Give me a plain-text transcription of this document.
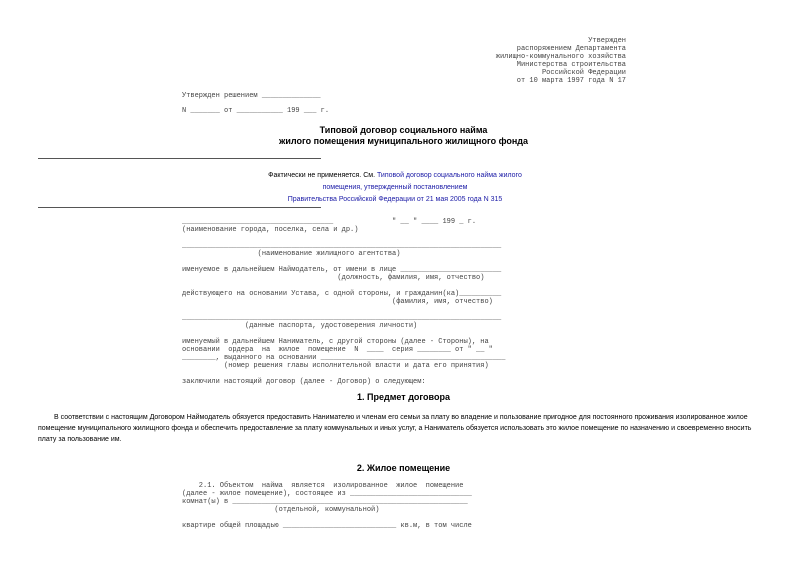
Утвержден
распоряжением Департамента
жилищно-коммунального хозяйства
Министерства строительства
Российской Федерации
от 10 марта 1997 года N 17
Утвержден решением ______________
N _______ от ___________ 199 ___ г.
Типовой договор социального найма
жилого помещения муниципального жилищного фонда
Фактически не применяется. См. Типовой договор социального найма жилого
помещения, утвержденный постановлением
Правительства Российской Федерации от 21 мая 2005 года N 315
____________________________________              " __ " ____ 199 _ г.
(наименование города, поселка, села и др.)

____________________________________________________________________________
(наименование жилищного агентства)

именуемое в дальнейшем Наймодатель, от имени в лице ________________________
(должность, фамилия, имя, отчество)

действующего на основании Устава, с одной стороны, и гражданин(ка)__________
(фамилия, имя, отчество)

____________________________________________________________________________
(данные паспорта, удостоверения личности)

именуемый в дальнейшем Наниматель, с другой стороны (далее - Стороны), на
основании  ордера  на  жилое  помещение  N  ____  серия ________ от " __ "
________, выданного на основании ____________________________________________
(номер решения главы исполнительной власти и дата его принятия)

заключили настоящий договор (далее - Договор) о следующем:
1. Предмет договора

В соответствии с настоящим Договором Наймодатель обязуется предоставить Нанимателю и членам его семьи за плату во владение и пользование пригодное для постоянного проживания изолированное жилое помещение муниципального жилищного фонда и обеспечить предоставление за плату коммунальных и иных услуг, а Наниматель обязуется использовать это жилое помещение по назначению и своевременно вносить плату за пользование им.

2. Жилое помещение
2.1. Объектом  найма  является  изолированное  жилое  помещение
(далее - жилое помещение), состоящее из _____________________________
комнат(ы) в ________________________________________________________
(отдельной, коммунальной)

квартире общей площадью ___________________________ кв.м, в том числе
